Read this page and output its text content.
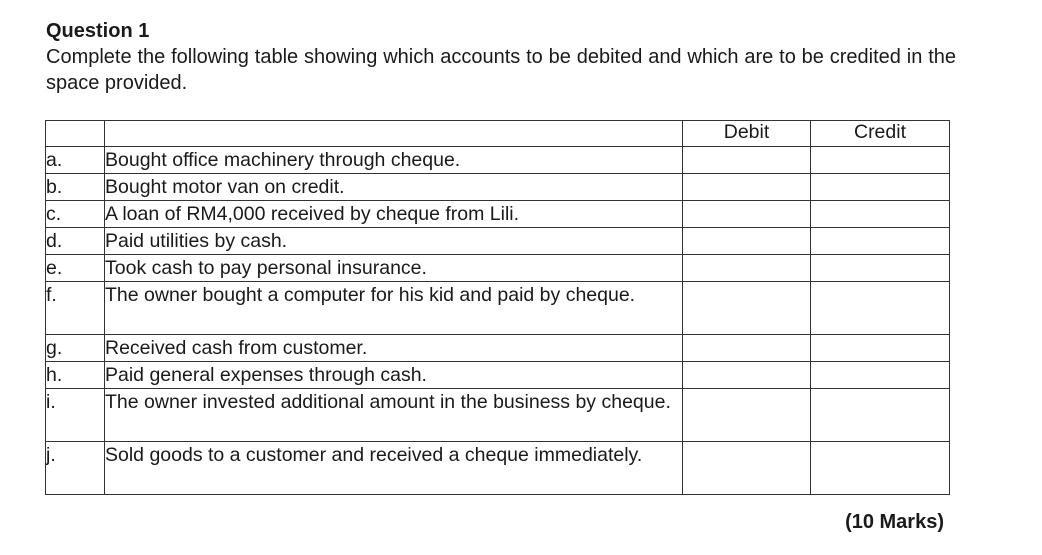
Question 1

Complete the following table showing which accounts to be debited and which are to be credited in the space provided.

		Debit	Credit
a.	Bought office machinery through cheque.		
b.	Bought motor van on credit.		
c.	A loan of RM4,000 received by cheque from Lili.		
d.	Paid utilities by cash.		
e.	Took cash to pay personal insurance.		
f.	The owner bought a computer for his kid and paid by cheque.		
g.	Received cash from customer.		
h.	Paid general expenses through cash.		
i.	The owner invested additional amount in the business by cheque.		
j.	Sold goods to a customer and received a cheque immediately.		

(10 Marks)
